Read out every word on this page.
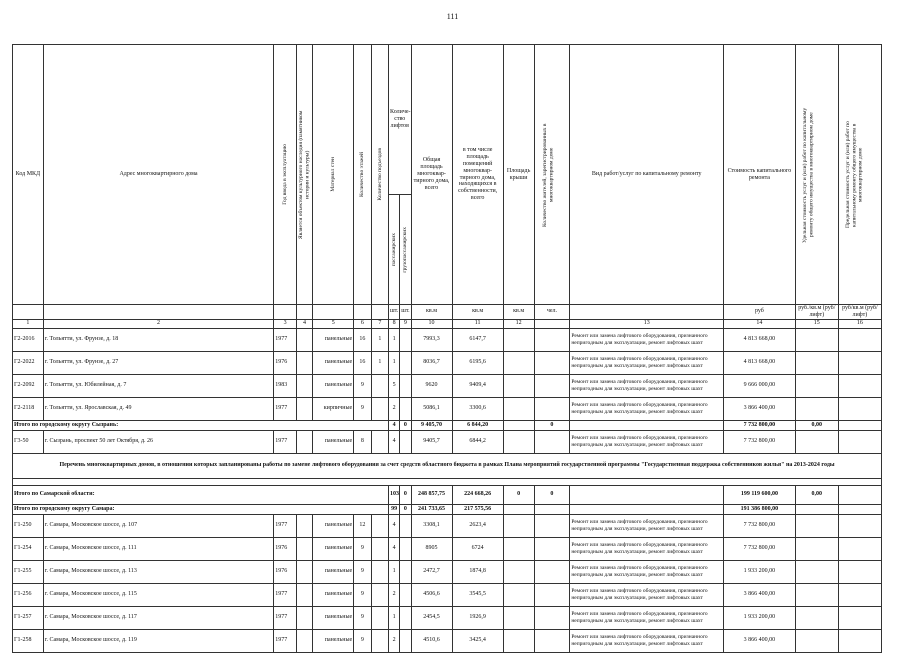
111
Код МКД	Адрес многоквартирного дома	Год ввода в эксплуатацию	Является объектом культурного наследия (памятником истории и культуры)	Материал стен	Количество этажей	Количество подъездов	Количе-ство лифтов		Общая площадь многоквар-тирного дома, всего	в том числе площадь помещений многоквар-тирного дома, находящихся в собственности, всего	Площадь крыши	Количество жителей, зарегистрированных в многоквартирном доме	Вид работ/услуг по капитальному ремонту	Стоимость капитального ремонта	Удельная стоимость услуг и (или) работ по капитальному ремонту общего имущества в многоквартирном доме	Предельная стоимость услуг и (или) работ по капитальному ремонту общего имущества в многоквартирном доме

							пассажирских	грузопассажирских								

							шт.	шт.	кв.м	кв.м	кв.м	чел.		руб	руб./кв.м (руб/лифт)	руб/кв.м (руб/лифт)
1	2	3	4	5	6	7	8	9	10	11	12		13	14	15	16
Г2-2016	г. Тольятти, ул. Фрунзе, д. 18	1977		панельные	16	1	1		7993,3	6147,7			Ремонт или замена лифтового оборудования, признанного непригодным для эксплуатации, ремонт лифтовых шахт	4 813 668,00		
Г2-2022	г. Тольятти, ул. Фрунзе, д. 27	1976		панельные	16	1	1		8036,7	6195,6			Ремонт или замена лифтового оборудования, признанного непригодным для эксплуатации, ремонт лифтовых шахт	4 813 668,00		
Г2-2092	г. Тольятти, ул. Юбилейная, д. 7	1983		панельные	9		5		9620	9409,4			Ремонт или замена лифтового оборудования, признанного непригодным для эксплуатации, ремонт лифтовых шахт	9 666 000,00		
Г2-2118	г. Тольятти, ул. Ярославская, д. 49	1977		кирпичные	9		2		5086,1	3300,6			Ремонт или замена лифтового оборудования, признанного непригодным для эксплуатации, ремонт лифтовых шахт	3 866 400,00		
Итого по городскому округу Сызрань:							4	0	9 405,70	6 844,20		0		7 732 800,00	0,00	
Г3-50	г. Сызрань, проспект 50 лет Октября, д. 26	1977		панельные	8		4		9405,7	6844,2			Ремонт или замена лифтового оборудования, признанного непригодным для эксплуатации, ремонт лифтовых шахт	7 732 800,00		
Перечень многоквартирных домов, в отношении которых запланированы работы по замене лифтового оборудования за счет средств областного бюджета в рамках Плана мероприятий государственной программы "Государственная поддержка собственников жилья" на 2013-2024 годы																

Итого по Самарской области:							103	0	248 857,75	224 668,26	0	0		199 119 600,00	0,00	
Итого по городскому округу Самара:							99	0	241 733,65	217 575,56				191 386 800,00		
Г1-250	г. Самара, Московское шоссе, д. 107	1977		панельные	12		4		3308,1	2623,4			Ремонт или замена лифтового оборудования, признанного непригодным для эксплуатации, ремонт лифтовых шахт	7 732 800,00		
Г1-254	г. Самара, Московское шоссе, д. 111	1976		панельные	9		4		8905	6724			Ремонт или замена лифтового оборудования, признанного непригодным для эксплуатации, ремонт лифтовых шахт	7 732 800,00		
Г1-255	г. Самара, Московское шоссе, д. 113	1976		панельные	9		1		2472,7	1874,8			Ремонт или замена лифтового оборудования, признанного непригодным для эксплуатации, ремонт лифтовых шахт	1 933 200,00		
Г1-256	г. Самара, Московское шоссе, д. 115	1977		панельные	9		2		4506,6	3545,5			Ремонт или замена лифтового оборудования, признанного непригодным для эксплуатации, ремонт лифтовых шахт	3 866 400,00		
Г1-257	г. Самара, Московское шоссе, д. 117	1977		панельные	9		1		2454,5	1926,9			Ремонт или замена лифтового оборудования, признанного непригодным для эксплуатации, ремонт лифтовых шахт	1 933 200,00		
Г1-258	г. Самара, Московское шоссе, д. 119	1977		панельные	9		2		4510,6	3425,4			Ремонт или замена лифтового оборудования, признанного непригодным для эксплуатации, ремонт лифтовых шахт	3 866 400,00		
